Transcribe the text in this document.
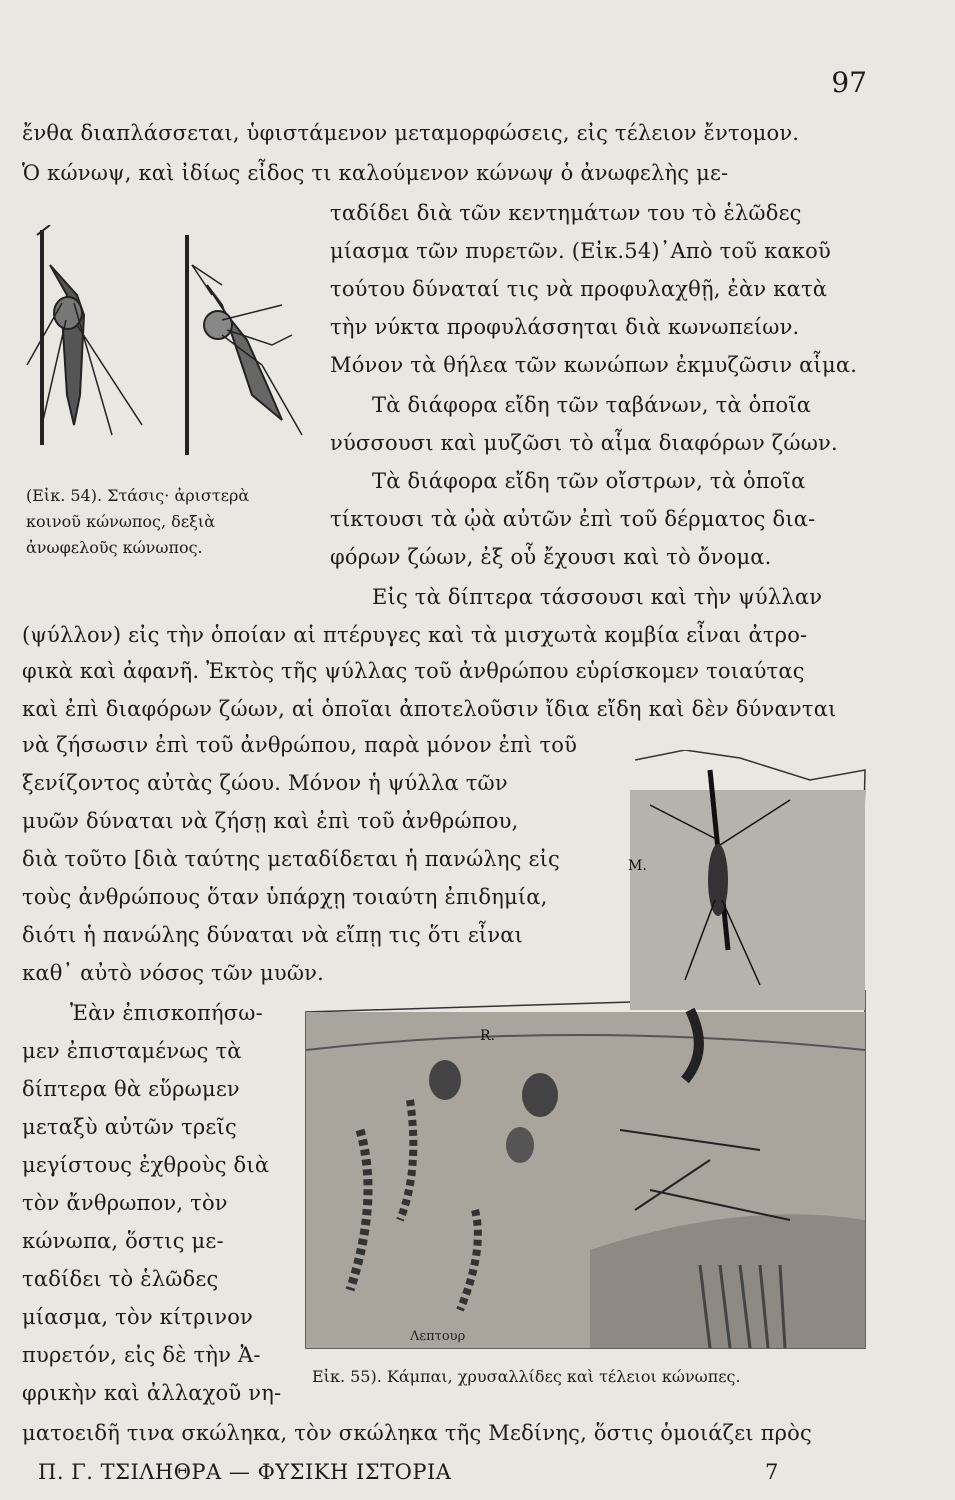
97
ἔνθα διαπλάσσεται, ὑφιστάμενον μεταμορφώσεις, εἰς τέλειον ἔντομον.
Ὁ κώνωψ, καὶ ἰδίως εἶδος τι καλούμενον κώνωψ ὁ ἀνωφελὴς με-
ταδίδει διὰ τῶν κεντημάτων του τὸ ἑλῶδες
μίασμα τῶν πυρετῶν. (Εἰκ.54)᾽Απὸ τοῦ κακοῦ
τούτου δύναταί τις νὰ προφυλαχθῇ, ἐὰν κατὰ
τὴν νύκτα προφυλάσσηται διὰ κωνωπείων.
Μόνον τὰ θήλεα τῶν κωνώπων ἐκμυζῶσιν αἷμα.
Τὰ διάφορα εἴδη τῶν ταβάνων, τὰ ὁποῖα
νύσσουσι καὶ μυζῶσι τὸ αἷμα διαφόρων ζώων.
Τὰ διάφορα εἴδη τῶν οἴστρων, τὰ ὁποῖα
τίκτουσι τὰ ᾠὰ αὐτῶν ἐπὶ τοῦ δέρματος δια-
φόρων ζώων, ἐξ οὗ ἔχουσι καὶ τὸ ὄνομα.
(Εἰκ. 54). Στάσις· ἀριστερὰ
κοινοῦ κώνωπος, δεξιὰ
ἀνωφελοῦς κώνωπος.
Εἰς τὰ δίπτερα τάσσουσι καὶ τὴν ψύλλαν
(ψύλλον) εἰς τὴν ὁποίαν αἱ πτέρυγες καὶ τὰ μισχωτὰ κομβία εἶναι ἀτρο-
φικὰ καὶ ἀφανῆ. Ἐκτὸς τῆς ψύλλας τοῦ ἀνθρώπου εὑρίσκομεν τοιαύτας
καὶ ἐπὶ διαφόρων ζώων, αἱ ὁποῖαι ἀποτελοῦσιν ἴδια εἴδη καὶ δὲν δύνανται
νὰ ζήσωσιν ἐπὶ τοῦ ἀνθρώπου, παρὰ μόνον ἐπὶ τοῦ
ξενίζοντος αὐτὰς ζώου. Μόνον ἡ ψύλλα τῶν
μυῶν δύναται νὰ ζήσῃ καὶ ἐπὶ τοῦ ἀνθρώπου,
διὰ τοῦτο [διὰ ταύτης μεταδίδεται ἡ πανώλης εἰς
τοὺς ἀνθρώπους ὅταν ὑπάρχῃ τοιαύτη ἐπιδημία,
διότι ἡ πανώλης δύναται νὰ εἴπῃ τις ὅτι εἶναι
καθ᾽ αὐτὸ νόσος τῶν μυῶν.
Ἐὰν ἐπισκοπήσω-
μεν ἐπισταμένως τὰ
δίπτερα θὰ εὕρωμεν
μεταξὺ αὐτῶν τρεῖς
μεγίστους ἐχθροὺς διὰ
τὸν ἄνθρωπον, τὸν
κώνωπα, ὅστις με-
ταδίδει τὸ ἑλῶδες
μίασμα, τὸν κίτρινον
πυρετόν, εἰς δὲ τὴν Ἀ-
φρικὴν καὶ ἀλλαχοῦ νη-
Μ.
R.
Λεπτουρ
Εἰκ. 55). Κάμπαι, χρυσαλλίδες καὶ τέλειοι κώνωπες.
ματοειδῆ τινα σκώληκα, τὸν σκώληκα τῆς Μεδίνης, ὅστις ὁμοιάζει πρὸς
Π. Γ. ΤΣΙΛΗΘΡΑ — ΦΥΣΙΚΗ ΙΣΤΟΡΙΑ	7
